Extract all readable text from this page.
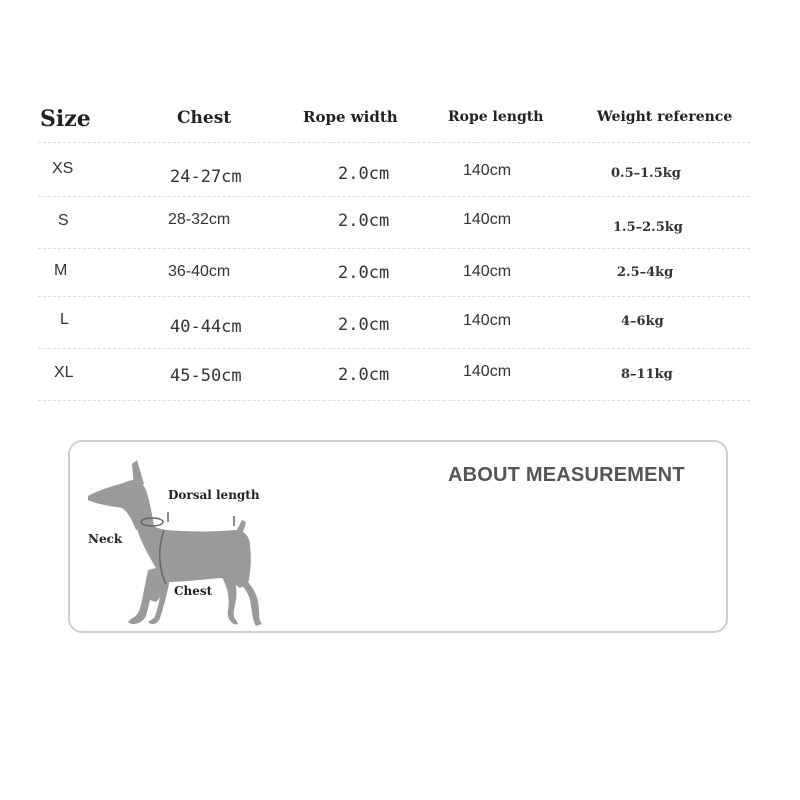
Size	Chest	Rope width	Rope length	Weight reference
XS	24-27cm	2.0cm	140cm	0.5–1.5kg
S	28-32cm	2.0cm	140cm	1.5–2.5kg
M	36-40cm	2.0cm	140cm	2.5–4kg
L	40-44cm	2.0cm	140cm	4–6kg
XL	45-50cm	2.0cm	140cm	8–11kg
Dorsal length
Neck
Chest
ABOUT MEASUREMENT
